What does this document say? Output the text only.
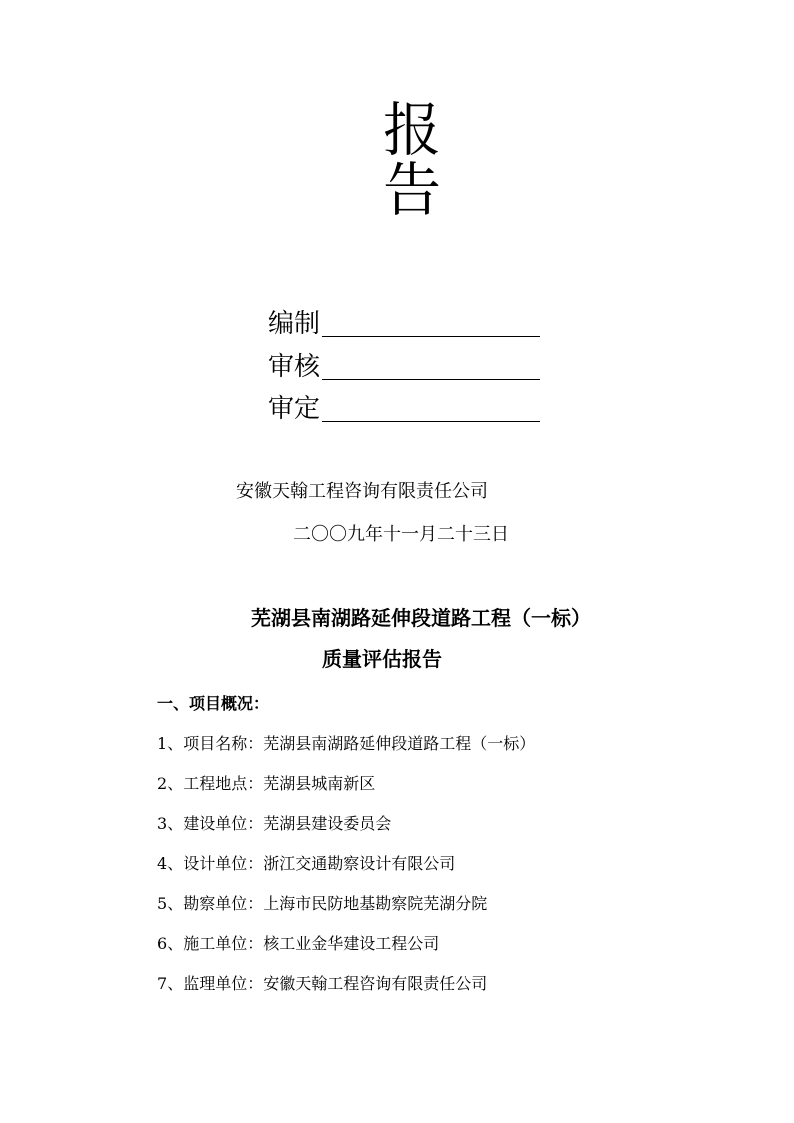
报
告
编制
审核
审定
安徽天翰工程咨询有限责任公司
二〇〇九年十一月二十三日
芜湖县南湖路延伸段道路工程（一标）
质量评估报告
一、项目概况：
1、项目名称：芜湖县南湖路延伸段道路工程（一标）
2、工程地点：芜湖县城南新区
3、建设单位：芜湖县建设委员会
4、设计单位：浙江交通勘察设计有限公司
5、勘察单位：上海市民防地基勘察院芜湖分院
6、施工单位：核工业金华建设工程公司
7、监理单位：安徽天翰工程咨询有限责任公司
